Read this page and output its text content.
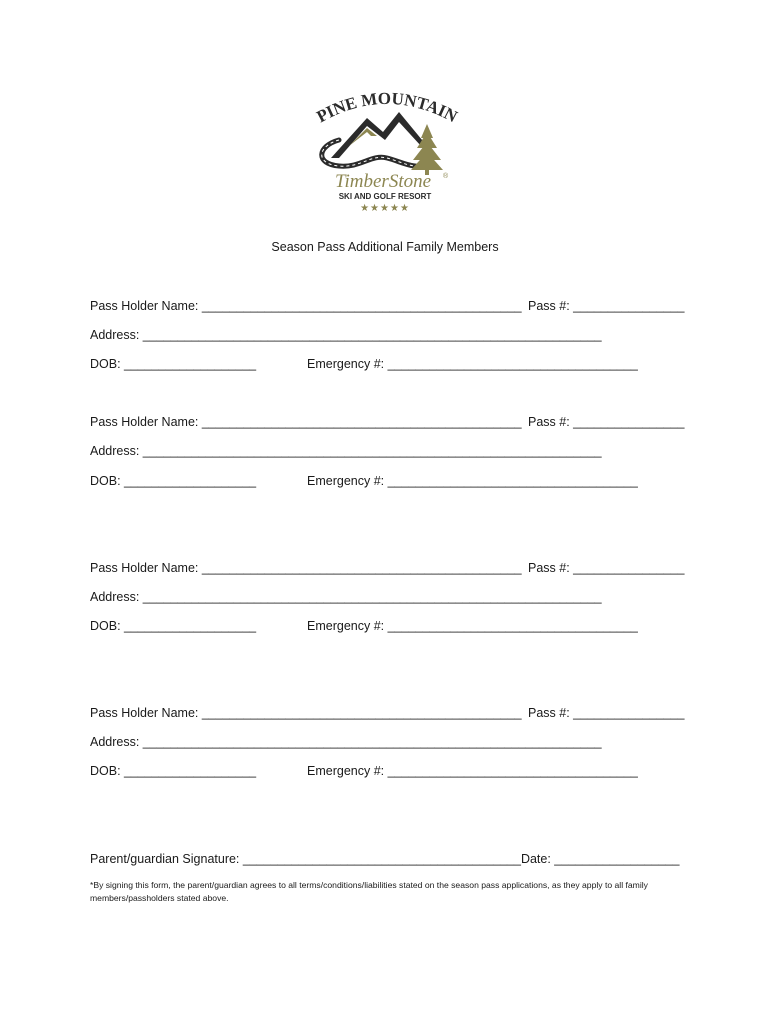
PINE MOUNTAIN
TimberStone ®
SKI AND GOLF RESORT
★★★★★
Season Pass Additional Family Members
Pass Holder Name: ______________________________________________ Pass #: ________________
Address: __________________________________________________________________
DOB: ___________________	Emergency #: ____________________________________
Pass Holder Name: ______________________________________________ Pass #: ________________
Address: __________________________________________________________________
DOB: ___________________	Emergency #: ____________________________________
Pass Holder Name: ______________________________________________ Pass #: ________________
Address: __________________________________________________________________
DOB: ___________________	Emergency #: ____________________________________
Pass Holder Name: ______________________________________________ Pass #: ________________
Address: __________________________________________________________________
DOB: ___________________	Emergency #: ____________________________________
Parent/guardian Signature: ________________________________________Date: __________________
*By signing this form, the parent/guardian agrees to all terms/conditions/liabilities stated on the season pass applications, as they apply to all family members/passholders stated above.
